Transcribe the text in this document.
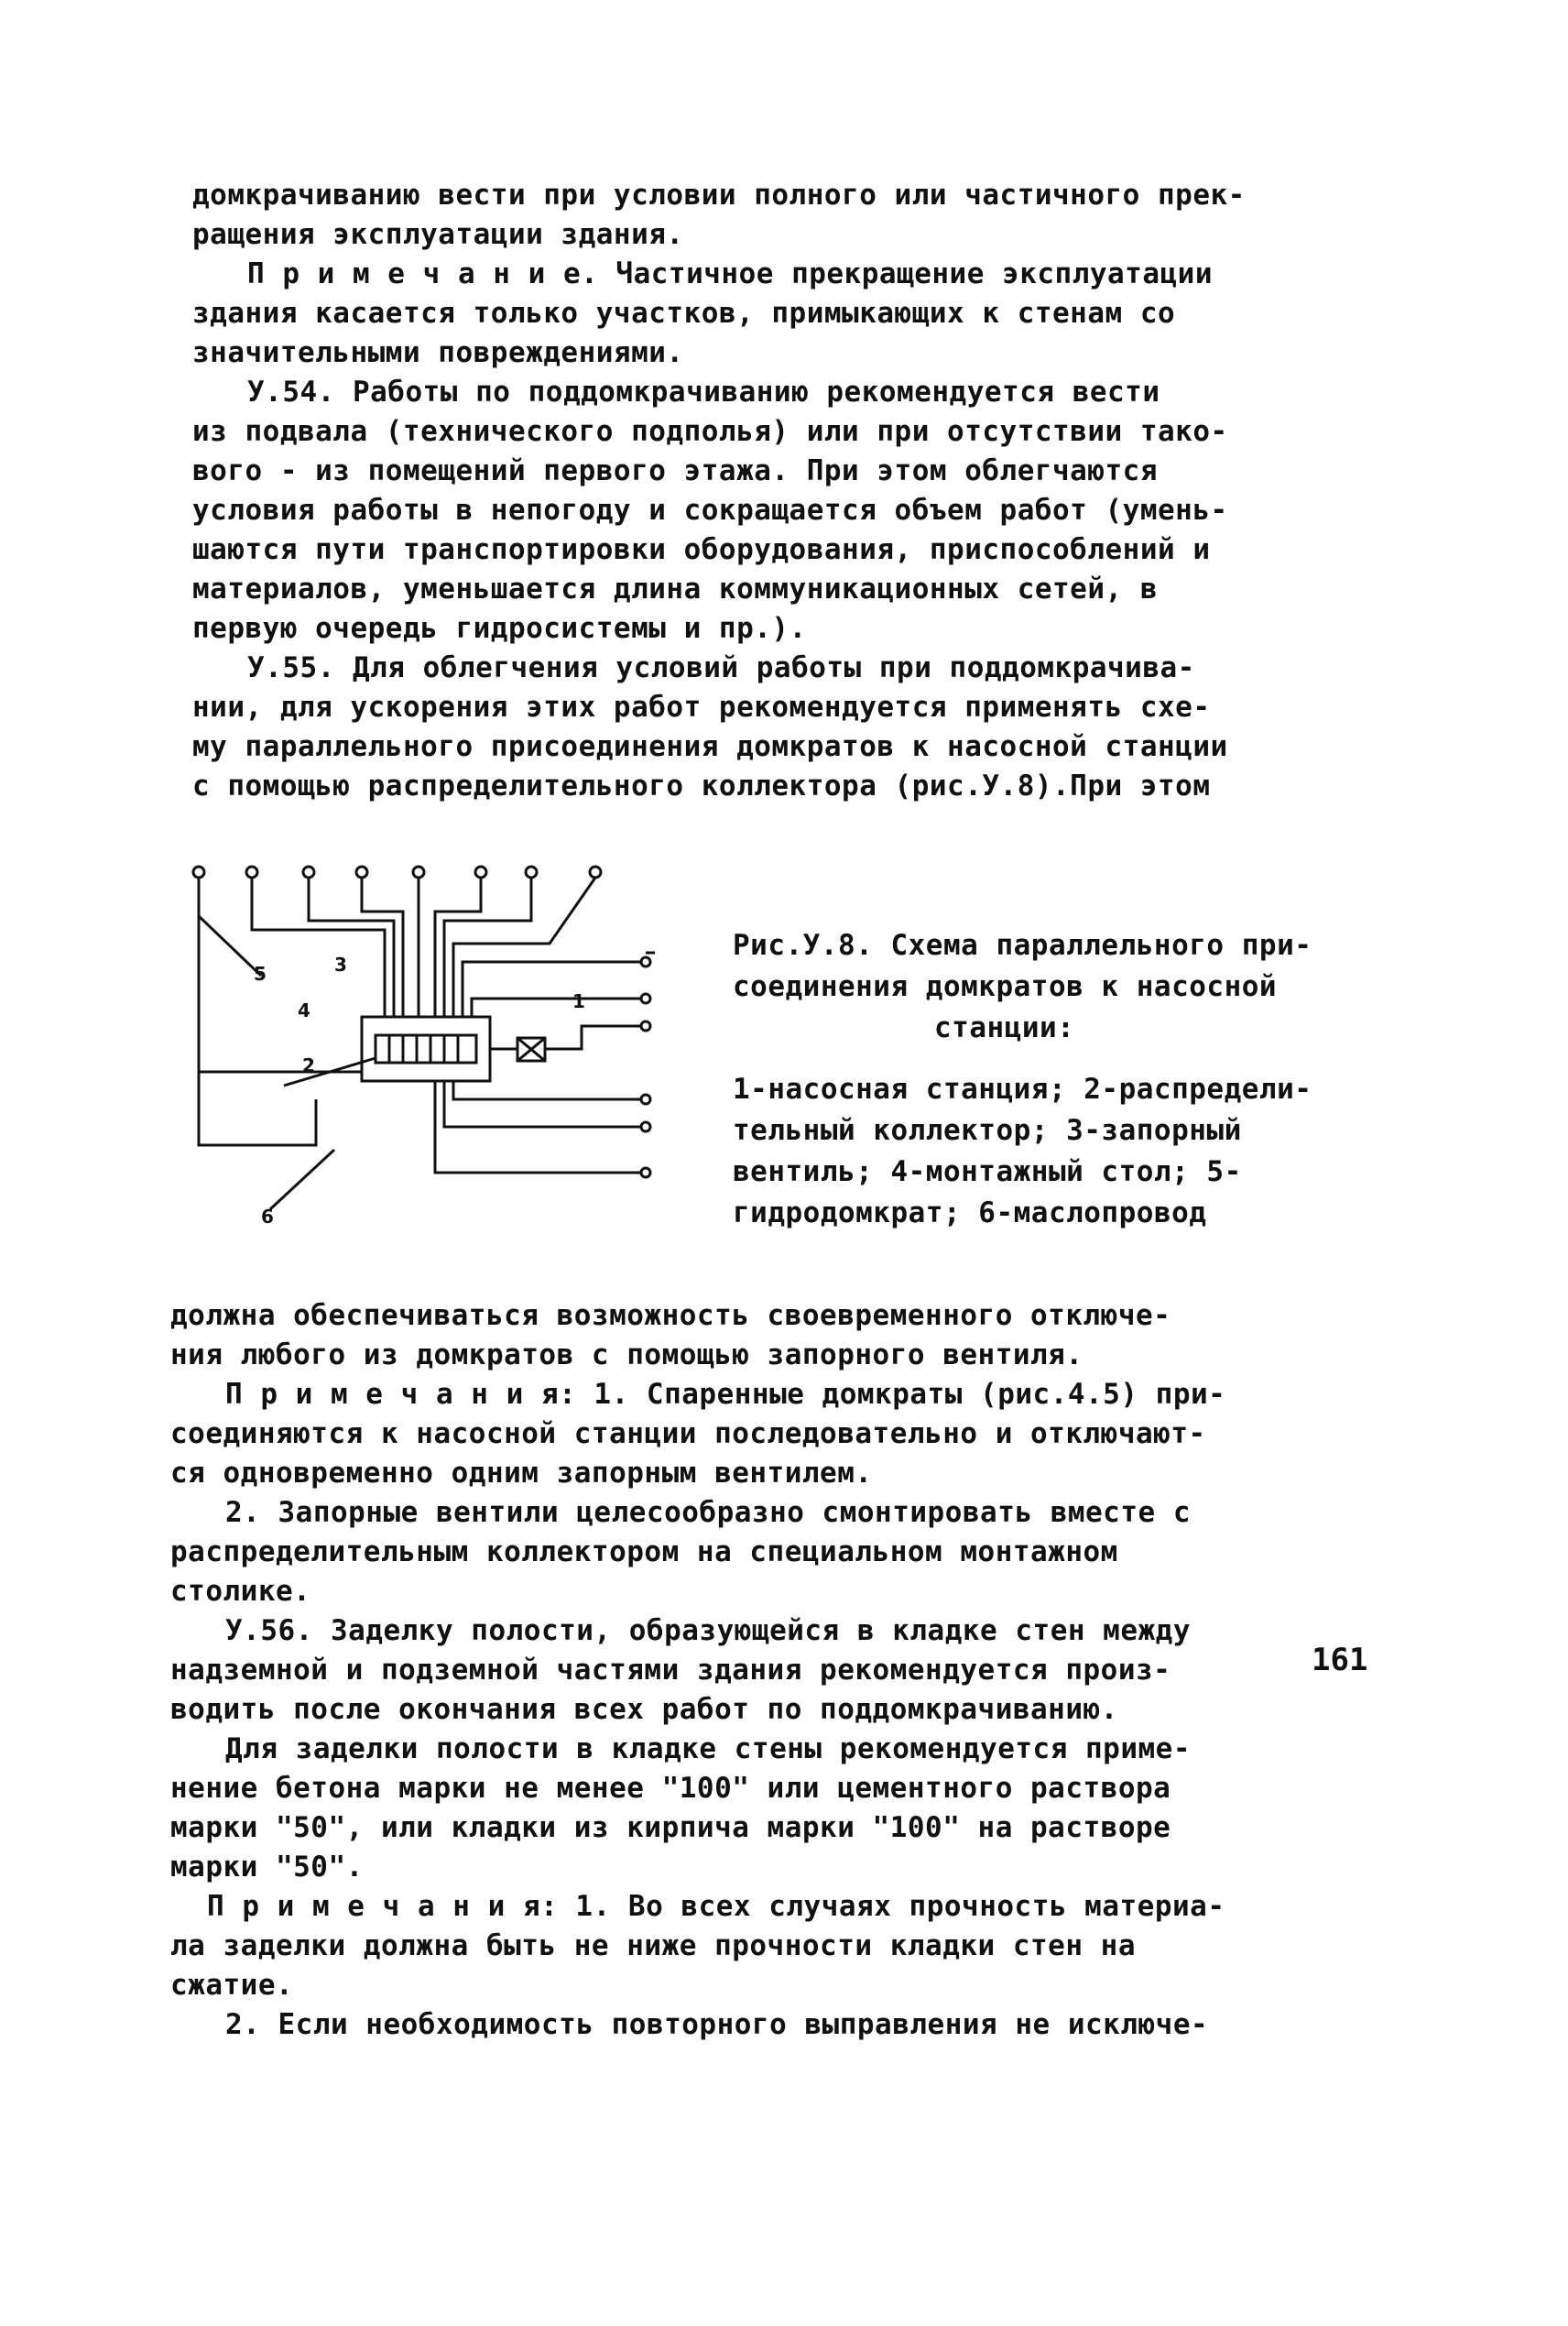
домкрачиванию вести при условии полного или частичного прек-
ращения эксплуатации здания.
П р и м е ч а н и е. Частичное прекращение эксплуатации
здания касается только участков, примыкающих к стенам со
значительными повреждениями.
У.54. Работы по поддомкрачиванию рекомендуется вести
из подвала (технического подполья) или при отсутствии тако-
вого - из помещений первого этажа. При этом облегчаются
условия работы в непогоду и сокращается объем работ (умень-
шаются пути транспортировки оборудования, приспособлений и
материалов, уменьшается длина коммуникационных сетей, в
первую очередь гидросистемы и пр.).
У.55. Для облегчения условий работы при поддомкрачива-
нии, для ускорения этих работ рекомендуется применять схе-
му параллельного присоединения домкратов к насосной станции
с помощью распределительного коллектора (рис.У.8).При этом
5	3
4
2
1
6
Рис.У.8. Схема параллельного при-
соединения домкратов к насосной
станции:
1-насосная станция; 2-распредели-
тельный коллектор; 3-запорный
вентиль; 4-монтажный стол; 5-
гидродомкрат; 6-маслопровод
должна обеспечиваться возможность своевременного отключе-
ния любого из домкратов с помощью запорного вентиля.
П р и м е ч а н и я: 1. Спаренные домкраты (рис.4.5) при-
соединяются к насосной станции последовательно и отключают-
ся одновременно одним запорным вентилем.
2. Запорные вентили целесообразно смонтировать вместе с
распределительным коллектором на специальном монтажном
столике.
У.56. Заделку полости, образующейся в кладке стен между
надземной и подземной частями здания рекомендуется произ-
водить после окончания всех работ по поддомкрачиванию.
Для заделки полости в кладке стены рекомендуется приме-
нение бетона марки не менее "100" или цементного раствора
марки "50", или кладки из кирпича марки "100" на растворе
марки "50".
П р и м е ч а н и я: 1. Во всех случаях прочность материа-
ла заделки должна быть не ниже прочности кладки стен на
сжатие.
2. Если необходимость повторного выправления не исключе-
161
